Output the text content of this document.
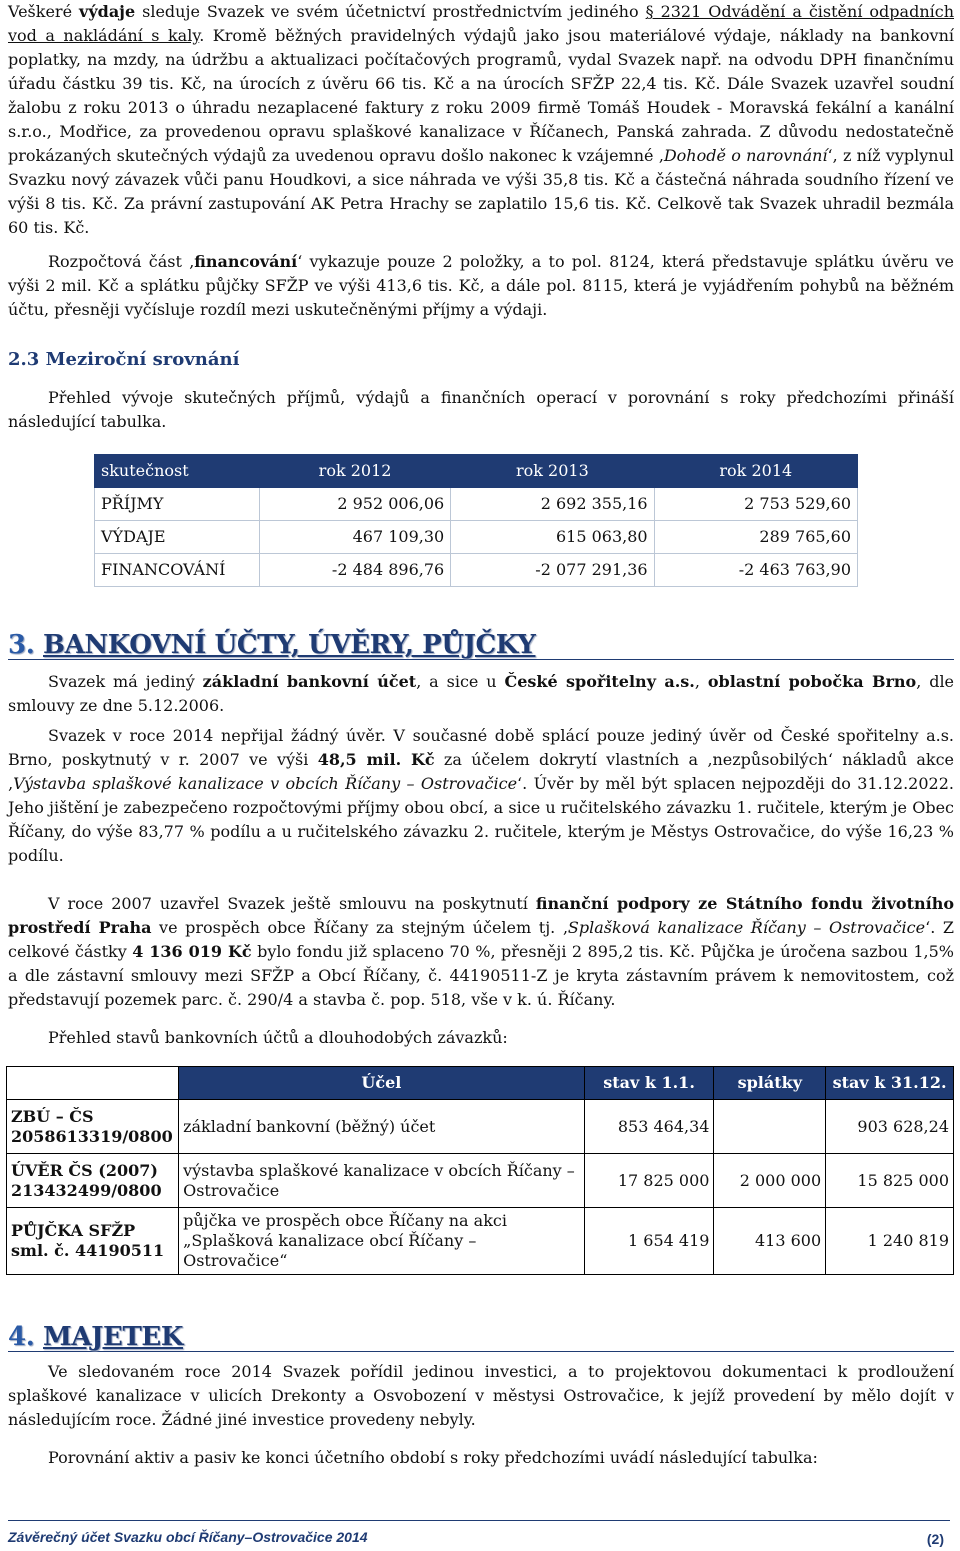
Veškeré výdaje sleduje Svazek ve svém účetnictví prostřednictvím jediného § 2321 Odvádění a čistění odpadních vod a nakládání s kaly. Kromě běžných pravidelných výdajů jako jsou materiálové výdaje, náklady na bankovní poplatky, na mzdy, na údržbu a aktualizaci počítačových programů, vydal Svazek např. na odvodu DPH finančnímu úřadu částku 39 tis. Kč, na úrocích z úvěru 66 tis. Kč a na úrocích SFŽP 22,4 tis. Kč. Dále Svazek uzavřel soudní žalobu z roku 2013 o úhradu nezaplacené faktury z roku 2009 firmě Tomáš Houdek - Moravská fekální a kanální s.r.o., Modřice, za provedenou opravu splaškové kanalizace v Říčanech, Panská zahrada. Z důvodu nedostatečně prokázaných skutečných výdajů za uvedenou opravu došlo nakonec k vzájemné ‚Dohodě o narovnání‘, z níž vyplynul Svazku nový závazek vůči panu Houdkovi, a sice náhrada ve výši 35,8 tis. Kč a částečná náhrada soudního řízení ve výši 8 tis. Kč. Za právní zastupování AK Petra Hrachy se zaplatilo 15,6 tis. Kč. Celkově tak Svazek uhradil bezmála 60 tis. Kč.

Rozpočtová část ‚financování‘ vykazuje pouze 2 položky, a to pol. 8124, která představuje splátku úvěru ve výši 2 mil. Kč a splátku půjčky SFŽP ve výši 413,6 tis. Kč, a dále pol. 8115, která je vyjádřením pohybů na běžném účtu, přesněji vyčísluje rozdíl mezi uskutečněnými příjmy a výdaji.

2.3 Meziroční srovnání

Přehled vývoje skutečných příjmů, výdajů a finančních operací v porovnání s roky předchozími přináší následující tabulka.

skutečnost	rok 2012	rok 2013	rok 2014
PŘÍJMY	2 952 006,06	2 692 355,16	2 753 529,60
VÝDAJE	467 109,30	615 063,80	289 765,60
FINANCOVÁNÍ	-2 484 896,76	-2 077 291,36	-2 463 763,90
3. BANKOVNÍ ÚČTY, ÚVĚRY, PŮJČKY

Svazek má jediný základní bankovní účet, a sice u České spořitelny a.s., oblastní pobočka Brno, dle smlouvy ze dne 5.12.2006.

Svazek v roce 2014 nepřijal žádný úvěr. V současné době splácí pouze jediný úvěr od České spořitelny a.s. Brno, poskytnutý v r. 2007 ve výši 48,5 mil. Kč za účelem dokrytí vlastních a ‚nezpůsobilých‘ nákladů akce ‚Výstavba splaškové kanalizace v obcích Říčany – Ostrovačice‘. Úvěr by měl být splacen nejpozději do 31.12.2022. Jeho jištění je zabezpečeno rozpočtovými příjmy obou obcí, a sice u ručitelského závazku 1. ručitele, kterým je Obec Říčany, do výše 83,77 % podílu a u ručitelského závazku 2. ručitele, kterým je Městys Ostrovačice, do výše 16,23 % podílu.

V roce 2007 uzavřel Svazek ještě smlouvu na poskytnutí finanční podpory ze Státního fondu životního prostředí Praha ve prospěch obce Říčany za stejným účelem tj. ‚Splašková kanalizace Říčany – Ostrovačice‘. Z celkové částky 4 136 019 Kč bylo fondu již splaceno 70 %, přesněji 2 895,2 tis. Kč. Půjčka je úročena sazbou 1,5% a dle zástavní smlouvy mezi SFŽP a Obcí Říčany, č. 44190511-Z je kryta zástavním právem k nemovitostem, což představují pozemek parc. č. 290/4 a stavba č. pop. 518, vše v k. ú. Říčany.

Přehled stavů bankovních účtů a dlouhodobých závazků:

	Účel	stav k 1.1.	splátky	stav k 31.12.
ZBÚ – ČS 2058613319/0800	základní bankovní (běžný) účet	853 464,34		903 628,24
ÚVĚR ČS (2007) 213432499/0800	výstavba splaškové kanalizace v obcích Říčany – Ostrovačice	17 825 000	2 000 000	15 825 000
PŮJČKA SFŽP sml. č. 44190511	půjčka ve prospěch obce Říčany na akci „Splašková kanalizace obcí Říčany – Ostrovačice“	1 654 419	413 600	1 240 819
4. MAJETEK

Ve sledovaném roce 2014 Svazek pořídil jedinou investici, a to projektovou dokumentaci k prodloužení splaškové kanalizace v ulicích Drekonty a Osvobození v městysi Ostrovačice, k jejíž provedení by mělo dojít v následujícím roce. Žádné jiné investice provedeny nebyly.

Porovnání aktiv a pasiv ke konci účetního období s roky předchozími uvádí následující tabulka:

Závěrečný účet Svazku obcí Říčany–Ostrovačice 2014	(2)
